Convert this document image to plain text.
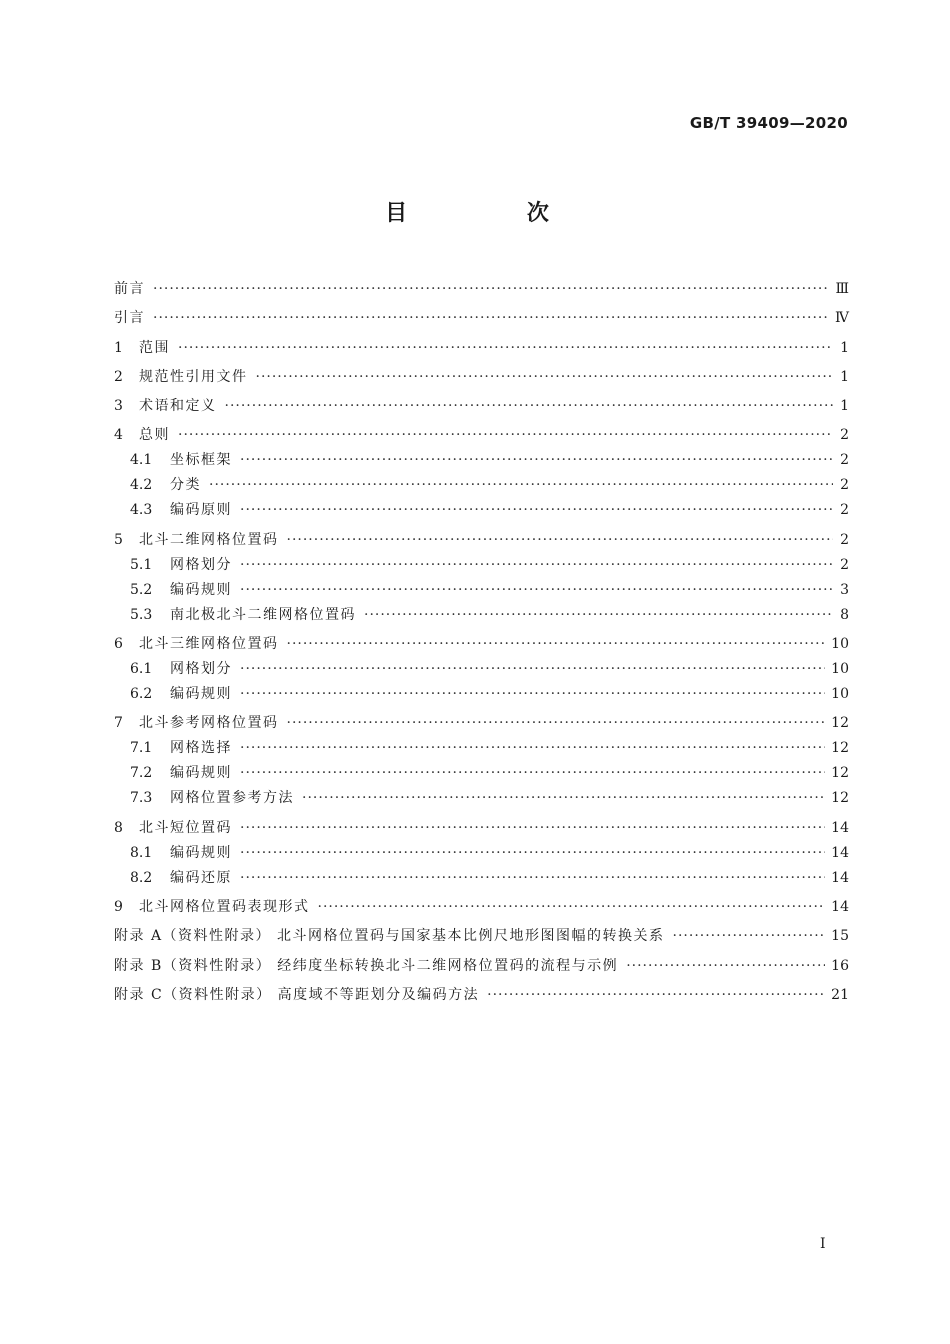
GB/T 39409—2020
目 次
前言 ·····	Ⅲ
引言 ·····	Ⅳ
1	范围 ·····	1
2	规范性引用文件 ·····	1
3	术语和定义 ·····	1
4	总则 ·····	2
4.1	坐标框架 ·····	2
4.2	分类 ·····	2
4.3	编码原则 ·····	2
5	北斗二维网格位置码 ·····	2
5.1	网格划分 ·····	2
5.2	编码规则 ·····	3
5.3	南北极北斗二维网格位置码 ·····	8
6	北斗三维网格位置码 ·····	10
6.1	网格划分 ·····	10
6.2	编码规则 ·····	10
7	北斗参考网格位置码 ·····	12
7.1	网格选择 ·····	12
7.2	编码规则 ·····	12
7.3	网格位置参考方法 ·····	12
8	北斗短位置码 ·····	14
8.1	编码规则 ·····	14
8.2	编码还原 ·····	14
9	北斗网格位置码表现形式 ·····	14
附录 A（资料性附录） 北斗网格位置码与国家基本比例尺地形图图幅的转换关系 ·····	15
附录 B（资料性附录） 经纬度坐标转换北斗二维网格位置码的流程与示例 ·····	16
附录 C（资料性附录） 高度域不等距划分及编码方法 ·····	21
I
